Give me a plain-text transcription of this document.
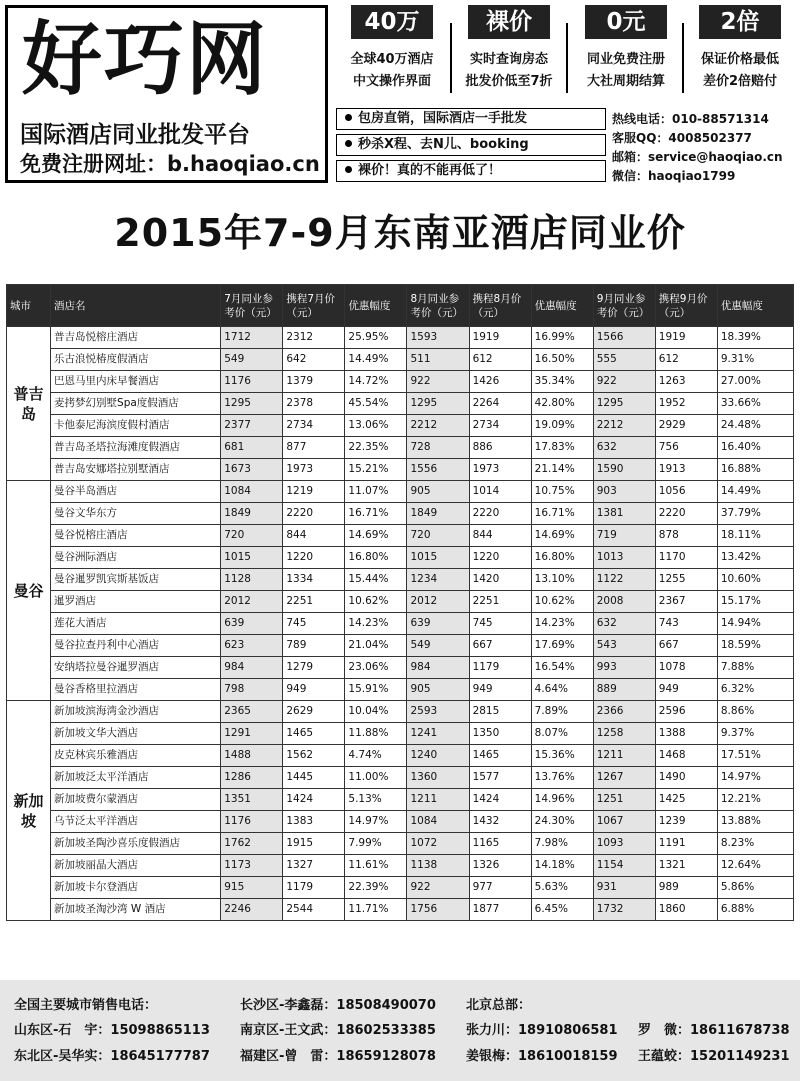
好巧网
国际酒店同业批发平台
免费注册网址：b.haoqiao.cn
40万
全球40万酒店
中文操作界面
裸价
实时查询房态
批发价低至7折
0元
同业免费注册
大社周期结算
2倍
保证价格最低
差价2倍赔付
包房直销，国际酒店一手批发
秒杀X程、去N儿、booking
裸价！真的不能再低了！
热线电话：010-88571314
客服QQ：4008502377
邮箱：service@haoqiao.cn
微信：haoqiao1799
2015年7-9月东南亚酒店同业价
城市	酒店名	7月同业参考价（元）	携程7月价（元）	优惠幅度	8月同业参考价（元）	携程8月价（元）	优惠幅度	9月同业参考价（元）	携程9月价（元）	优惠幅度
普吉岛	普吉岛悦榕庄酒店	1712	2312	25.95%	1593	1919	16.99%	1566	1919	18.39%
	乐古浪悦椿度假酒店	549	642	14.49%	511	612	16.50%	555	612	9.31%
	巴恩马里内床早餐酒店	1176	1379	14.72%	922	1426	35.34%	922	1263	27.00%
	麦拷梦幻别墅Spa度假酒店	1295	2378	45.54%	1295	2264	42.80%	1295	1952	33.66%
	卡他泰尼海滨度假村酒店	2377	2734	13.06%	2212	2734	19.09%	2212	2929	24.48%
	普吉岛圣塔拉海滩度假酒店	681	877	22.35%	728	886	17.83%	632	756	16.40%
	普吉岛安娜塔拉别墅酒店	1673	1973	15.21%	1556	1973	21.14%	1590	1913	16.88%
曼谷	曼谷半岛酒店	1084	1219	11.07%	905	1014	10.75%	903	1056	14.49%
	曼谷文华东方	1849	2220	16.71%	1849	2220	16.71%	1381	2220	37.79%
	曼谷悦榕庄酒店	720	844	14.69%	720	844	14.69%	719	878	18.11%
	曼谷洲际酒店	1015	1220	16.80%	1015	1220	16.80%	1013	1170	13.42%
	曼谷暹罗凯宾斯基饭店	1128	1334	15.44%	1234	1420	13.10%	1122	1255	10.60%
	暹罗酒店	2012	2251	10.62%	2012	2251	10.62%	2008	2367	15.17%
	莲花大酒店	639	745	14.23%	639	745	14.23%	632	743	14.94%
	曼谷拉查丹利中心酒店	623	789	21.04%	549	667	17.69%	543	667	18.59%
	安纳塔拉曼谷暹罗酒店	984	1279	23.06%	984	1179	16.54%	993	1078	7.88%
	曼谷香格里拉酒店	798	949	15.91%	905	949	4.64%	889	949	6.32%
新加坡	新加坡滨海湾金沙酒店	2365	2629	10.04%	2593	2815	7.89%	2366	2596	8.86%
	新加坡文华大酒店	1291	1465	11.88%	1241	1350	8.07%	1258	1388	9.37%
	皮克林宾乐雅酒店	1488	1562	4.74%	1240	1465	15.36%	1211	1468	17.51%
	新加坡泛太平洋酒店	1286	1445	11.00%	1360	1577	13.76%	1267	1490	14.97%
	新加坡费尔蒙酒店	1351	1424	5.13%	1211	1424	14.96%	1251	1425	12.21%
	乌节泛太平洋酒店	1176	1383	14.97%	1084	1432	24.30%	1067	1239	13.88%
	新加坡圣陶沙喜乐度假酒店	1762	1915	7.99%	1072	1165	7.98%	1093	1191	8.23%
	新加坡丽晶大酒店	1173	1327	11.61%	1138	1326	14.18%	1154	1321	12.64%
	新加坡卡尔登酒店	915	1179	22.39%	922	977	5.63%	931	989	5.86%
	新加坡圣淘沙湾 W 酒店	2246	2544	11.71%	1756	1877	6.45%	1732	1860	6.88%
全国主要城市销售电话：	长沙区-李鑫磊：18508490070 北京总部：
山东区-石　宇：15098865113 南京区-王文武：18602533385 张力川：18910806581 罗　微：18611678738
东北区-吴华实：18645177787 福建区-曾　雷：18659128078 姜银梅：18610018159 王蕴蛟：15201149231
